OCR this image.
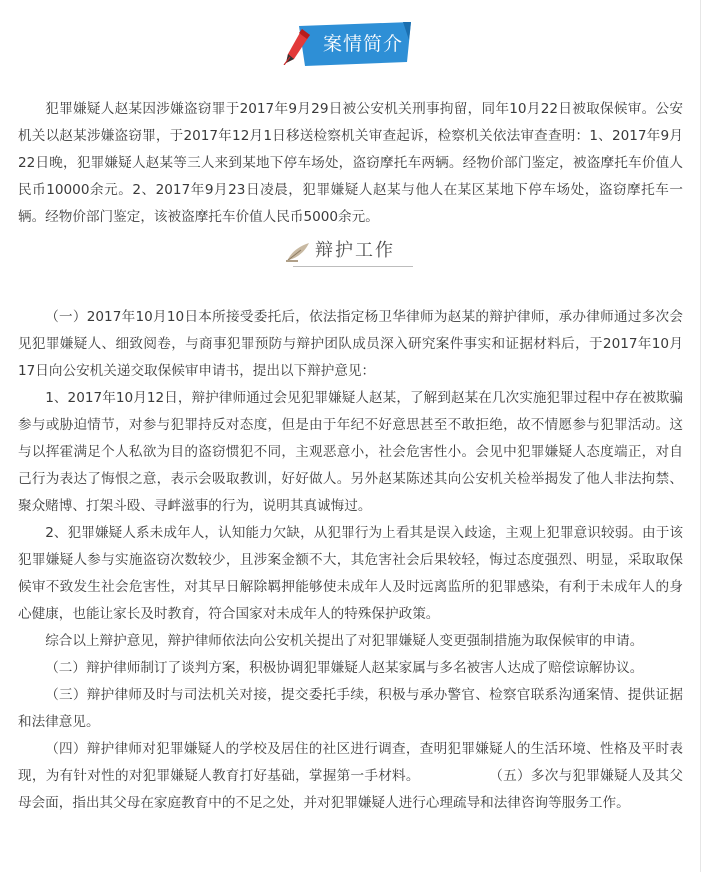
案情简介

犯罪嫌疑人赵某因涉嫌盗窃罪于2017年9月29日被公安机关刑事拘留，同年10月22日被取保候审。公安机关以赵某涉嫌盗窃罪，于2017年12月1日移送检察机关审查起诉，检察机关依法审查查明：1、2017年9月22日晚，犯罪嫌疑人赵某等三人来到某地下停车场处，盗窃摩托车两辆。经物价部门鉴定，被盗摩托车价值人民币10000余元。2、2017年9月23日凌晨，犯罪嫌疑人赵某与他人在某区某地下停车场处，盗窃摩托车一辆。经物价部门鉴定，该被盗摩托车价值人民币5000余元。

辩护工作
（一）2017年10月10日本所接受委托后，依法指定杨卫华律师为赵某的辩护律师，承办律师通过多次会见犯罪嫌疑人、细致阅卷，与商事犯罪预防与辩护团队成员深入研究案件事实和证据材料后，于2017年10月17日向公安机关递交取保候审申请书，提出以下辩护意见：
1、2017年10月12日，辩护律师通过会见犯罪嫌疑人赵某，了解到赵某在几次实施犯罪过程中存在被欺骗参与或胁迫情节，对参与犯罪持反对态度，但是由于年纪不好意思甚至不敢拒绝，故不情愿参与犯罪活动。这与以挥霍满足个人私欲为目的盗窃惯犯不同，主观恶意小，社会危害性小。会见中犯罪嫌疑人态度端正，对自己行为表达了悔恨之意，表示会吸取教训，好好做人。另外赵某陈述其向公安机关检举揭发了他人非法拘禁、聚众赌博、打架斗殴、寻衅滋事的行为，说明其真诚悔过。
2、犯罪嫌疑人系未成年人，认知能力欠缺，从犯罪行为上看其是误入歧途，主观上犯罪意识较弱。由于该犯罪嫌疑人参与实施盗窃次数较少，且涉案金额不大，其危害社会后果较轻，悔过态度强烈、明显，采取取保候审不致发生社会危害性，对其早日解除羁押能够使未成年人及时远离监所的犯罪感染，有利于未成年人的身心健康，也能让家长及时教育，符合国家对未成年人的特殊保护政策。
综合以上辩护意见，辩护律师依法向公安机关提出了对犯罪嫌疑人变更强制措施为取保候审的申请。
（二）辩护律师制订了谈判方案，积极协调犯罪嫌疑人赵某家属与多名被害人达成了赔偿谅解协议。
（三）辩护律师及时与司法机关对接，提交委托手续，积极与承办警官、检察官联系沟通案情、提供证据和法律意见。
（四）辩护律师对犯罪嫌疑人的学校及居住的社区进行调查，查明犯罪嫌疑人的生活环境、性格及平时表现，为有针对性的对犯罪嫌疑人教育打好基础，掌握第一手材料。　　　　　　	（五）多次与犯罪嫌疑人及其父母会面，指出其父母在家庭教育中的不足之处，并对犯罪嫌疑人进行心理疏导和法律咨询等服务工作。
